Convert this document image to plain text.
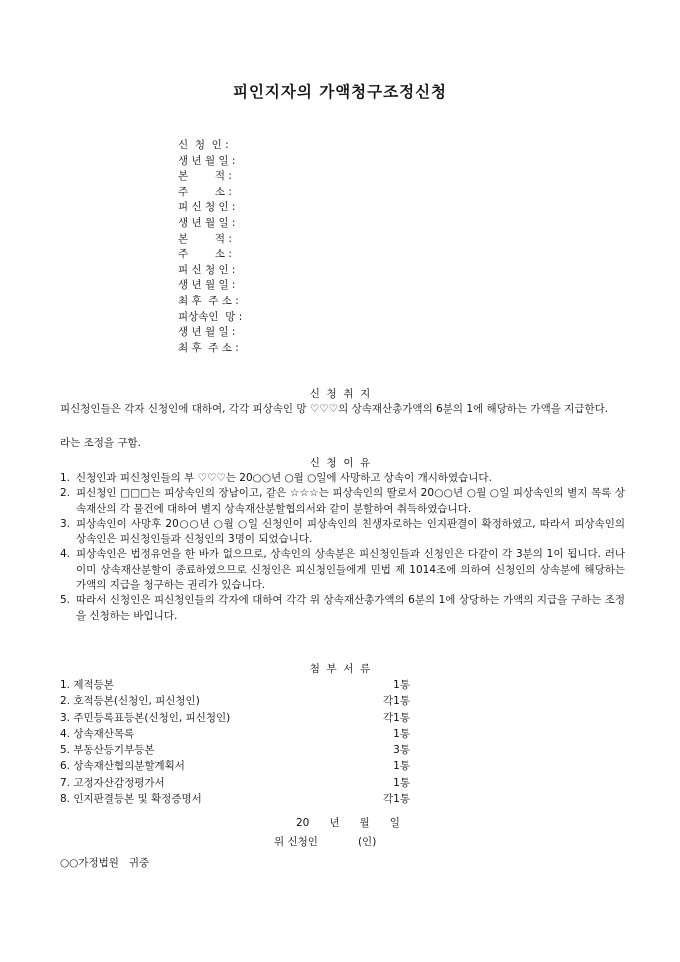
피인지자의 가액청구조정신청
신  청  인 :
생 년 월 일 :
본        적 :
주        소 :
피 신 청 인 :
생 년 월 일 :
본        적 :
주        소 :
피 신 청 인 :
생 년 월 일 :
최 후  주 소 :
피상속인  망 :
생 년 월 일 :
최 후  주 소 :
신  청  취  지
피신청인들은 각자 신청인에 대하여, 각각 피상속인 망 ♡♡♡의 상속재산총가액의 6분의 1에 해당하는 가액을 지급한다.
라는 조정을 구함.
신  청  이  유
1. 신청인과 피신청인들의 부 ♡♡♡는 20○○년 ○월 ○일에 사망하고 상속이 개시하였습니다.
2. 피신청인 □□□는 피상속인의 장남이고, 같은 ☆☆☆는 피상속인의 딸로서 20○○년 ○월 ○일 피상속인의 별지 목록 상속재산의 각 물건에 대하여 별지 상속재산분할협의서와 같이 분할하여 취득하였습니다.
3. 피상속인이 사망후 20○○년 ○월 ○일 신청인이 피상속인의 친생자로하는 인지판결이 확정하였고, 따라서 피상속인의 상속인은 피신청인들과 신청인의 3명이 되었습니다.
4. 피상속인은 법정유언을 한 바가 없으므로, 상속인의 상속분은 피신청인들과 신청인은 다같이 각 3분의 1이 됩니다. 러나 이미 상속재산분할이 종료하였으므로 신청인은 피신청인들에게 민법 제 1014조에 의하여 신청인의 상속분에 해당하는 가액의 지급을 청구하는 권리가 있습니다.
5. 따라서 신청인은 피신청인들의 각자에 대하여 각각 위 상속재산총가액의 6분의 1에 상당하는 가액의 지급을 구하는 조정을 신청하는 바입니다.
첨  부  서  류
1. 제적등본	1통
2. 호적등본(신청인, 피신청인)	각1통
3. 주민등록표등본(신청인, 피신청인)	각1통
4. 상속재산목록	1통
5. 부동산등기부등본	3통
6. 상속재산협의분할계획서	1통
7. 고정자산감정평가서	1통
8. 인지판결등본 및 확정증명서	각1통
20      년      월      일
위 신청인            (인)
○○가정법원   귀중
